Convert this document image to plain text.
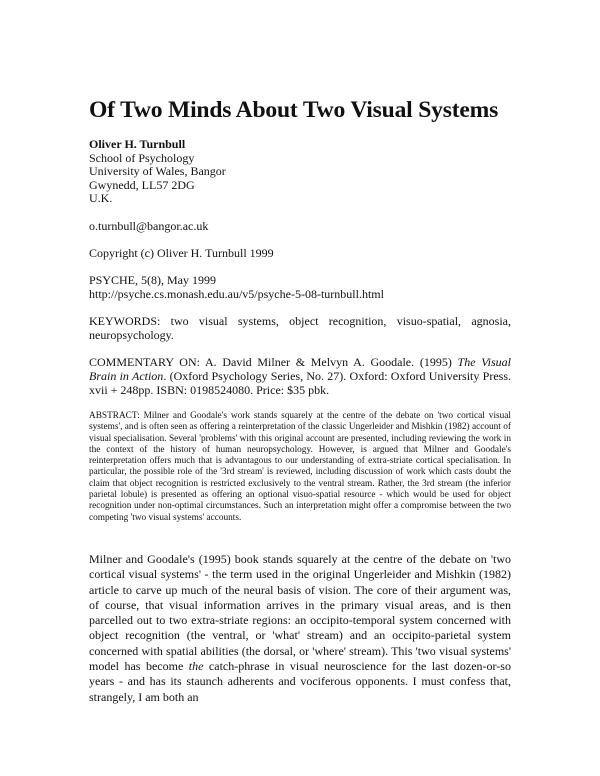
Of Two Minds About Two Visual Systems
Oliver H. Turnbull
School of Psychology
University of Wales, Bangor
Gwynedd, LL57 2DG
U.K.

o.turnbull@bangor.ac.uk

Copyright (c) Oliver H. Turnbull 1999

PSYCHE, 5(8), May 1999
http://psyche.cs.monash.edu.au/v5/psyche-5-08-turnbull.html

KEYWORDS: two visual systems, object recognition, visuo-spatial, agnosia, neuropsychology.

COMMENTARY ON: A. David Milner & Melvyn A. Goodale. (1995) The Visual Brain in Action. (Oxford Psychology Series, No. 27). Oxford: Oxford University Press. xvii + 248pp. ISBN: 0198524080. Price: $35 pbk.

ABSTRACT: Milner and Goodale's work stands squarely at the centre of the debate on 'two cortical visual systems', and is often seen as offering a reinterpretation of the classic Ungerleider and Mishkin (1982) account of visual specialisation. Several 'problems' with this original account are presented, including reviewing the work in the context of the history of human neuropsychology. However, is argued that Milner and Goodale's reinterpretation offers much that is advantagous to our understanding of extra-striate cortical specialisation. In particular, the possible role of the '3rd stream' is reviewed, including discussion of work which casts doubt the claim that object recognition is restricted exclusively to the ventral stream. Rather, the 3rd stream (the inferior parietal lobule) is presented as offering an optional visuo-spatial resource - which would be used for object recognition under non-optimal circumstances. Such an interpretation might offer a compromise between the two competing 'two visual systems' accounts.

Milner and Goodale's (1995) book stands squarely at the centre of the debate on 'two cortical visual systems' - the term used in the original Ungerleider and Mishkin (1982) article to carve up much of the neural basis of vision. The core of their argument was, of course, that visual information arrives in the primary visual areas, and is then parcelled out to two extra-striate regions: an occipito-temporal system concerned with object recognition (the ventral, or 'what' stream) and an occipito-parietal system concerned with spatial abilities (the dorsal, or 'where' stream). This 'two visual systems' model has become the catch-phrase in visual neuroscience for the last dozen-or-so years - and has its staunch adherents and vociferous opponents. I must confess that, strangely, I am both an
